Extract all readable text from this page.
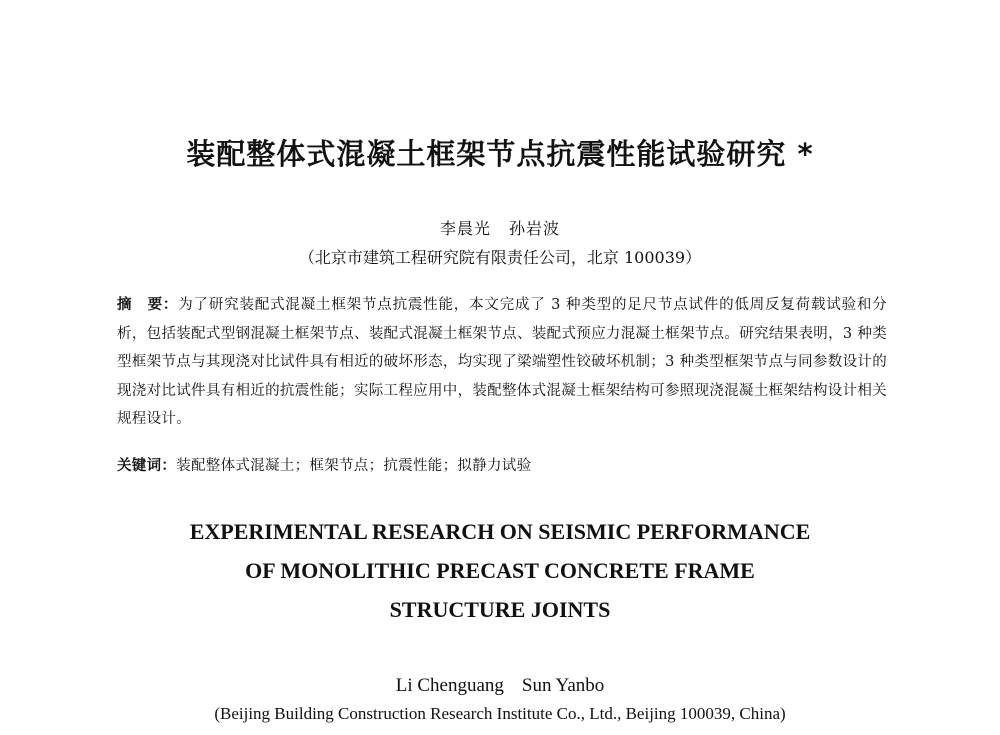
装配整体式混凝土框架节点抗震性能试验研究 *
李晨光 孙岩波
（北京市建筑工程研究院有限责任公司，北京 100039）
摘　要：为了研究装配式混凝土框架节点抗震性能，本文完成了 3 种类型的足尺节点试件的低周反复荷载试验和分析，包括装配式型钢混凝土框架节点、装配式混凝土框架节点、装配式预应力混凝土框架节点。研究结果表明，3 种类型框架节点与其现浇对比试件具有相近的破坏形态，均实现了梁端塑性铰破坏机制；3 种类型框架节点与同参数设计的现浇对比试件具有相近的抗震性能；实际工程应用中，装配整体式混凝土框架结构可参照现浇混凝土框架结构设计相关规程设计。
关键词：装配整体式混凝土；框架节点；抗震性能；拟静力试验
EXPERIMENTAL RESEARCH ON SEISMIC PERFORMANCE
OF MONOLITHIC PRECAST CONCRETE FRAME
STRUCTURE JOINTS
Li Chenguang Sun Yanbo
(Beijing Building Construction Research Institute Co., Ltd., Beijing 100039, China)
